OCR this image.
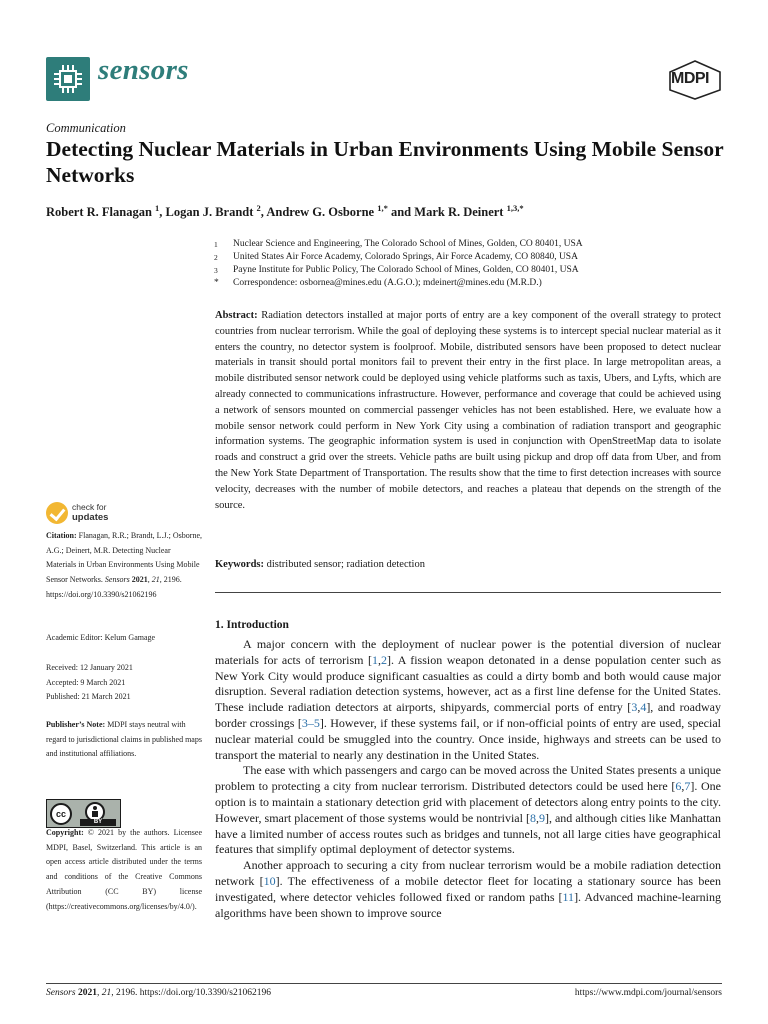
sensors	MDPI
Communication
Detecting Nuclear Materials in Urban Environments Using Mobile Sensor Networks
Robert R. Flanagan $^1$, Logan J. Brandt $^2$, Andrew G. Osborne $^{1,*}$ and Mark R. Deinert $^{1,3,*}$
1	Nuclear Science and Engineering, The Colorado School of Mines, Golden, CO 80401, USA
2	United States Air Force Academy, Colorado Springs, Air Force Academy, CO 80840, USA
3	Payne Institute for Public Policy, The Colorado School of Mines, Golden, CO 80401, USA
*	Correspondence: osbornea@mines.edu (A.G.O.); mdeinert@mines.edu (M.R.D.)
Abstract: Radiation detectors installed at major ports of entry are a key component of the overall strategy to protect countries from nuclear terrorism. While the goal of deploying these systems is to intercept special nuclear material as it enters the country, no detector system is foolproof. Mobile, distributed sensors have been proposed to detect nuclear materials in transit should portal monitors fail to prevent their entry in the first place. In large metropolitan areas, a mobile distributed sensor network could be deployed using vehicle platforms such as taxis, Ubers, and Lyfts, which are already connected to communications infrastructure. However, performance and coverage that could be achieved using a network of sensors mounted on commercial passenger vehicles has not been established. Here, we evaluate how a mobile sensor network could perform in New York City using a combination of radiation transport and geographic information systems. The geographic information system is used in conjunction with OpenStreetMap data to isolate roads and construct a grid over the streets. Vehicle paths are built using pickup and drop off data from Uber, and from the New York State Department of Transportation. The results show that the time to first detection increases with source velocity, decreases with the number of mobile detectors, and reaches a plateau that depends on the strength of the source.
Keywords: distributed sensor; radiation detection
1. Introduction

A major concern with the deployment of nuclear power is the potential diversion of nuclear materials for acts of terrorism [1,2]. A fission weapon detonated in a dense population center such as New York City would produce significant casualties as could a dirty bomb and both would cause major disruption. Several radiation detection systems, however, act as a first line defense for the United States. These include radiation detectors at airports, shipyards, commercial ports of entry [3,4], and roadway border crossings [3–5]. However, if these systems fail, or if non-official points of entry are used, special nuclear material could be smuggled into the country. Once inside, highways and streets can be used to transport the material to nearly any destination in the United States.

The ease with which passengers and cargo can be moved across the United States presents a unique problem to protecting a city from nuclear terrorism. Distributed detectors could be used here [6,7]. One option is to maintain a stationary detection grid with placement of detectors along entry points to the city. However, smart placement of those systems would be nontrivial [8,9], and although cities like Manhattan have a limited number of access routes such as bridges and tunnels, not all large cities have geographical features that simplify optimal deployment of detector systems.

Another approach to securing a city from nuclear terrorism would be a mobile radiation detection network [10]. The effectiveness of a mobile detector fleet for locating a stationary source has been investigated, where detector vehicles followed fixed or random paths [11]. Advanced machine-learning algorithms have been shown to improve source

check for
updates
Citation: Flanagan, R.R.; Brandt, L.J.; Osborne, A.G.; Deinert, M.R. Detecting Nuclear Materials in Urban Environments Using Mobile Sensor Networks. Sensors 2021, 21, 2196. https://doi.org/10.3390/s21062196
Academic Editor: Kelum Gamage
Received: 12 January 2021
Accepted: 9 March 2021
Published: 21 March 2021
Publisher’s Note: MDPI stays neutral with regard to jurisdictional claims in published maps and institutional affiliations.
cc
BY
Copyright: © 2021 by the authors. Licensee MDPI, Basel, Switzerland. This article is an open access article distributed under the terms and conditions of the Creative Commons Attribution (CC BY) license (https://creativecommons.org/licenses/by/4.0/).
Sensors 2021, 21, 2196. https://doi.org/10.3390/s21062196	https://www.mdpi.com/journal/sensors
